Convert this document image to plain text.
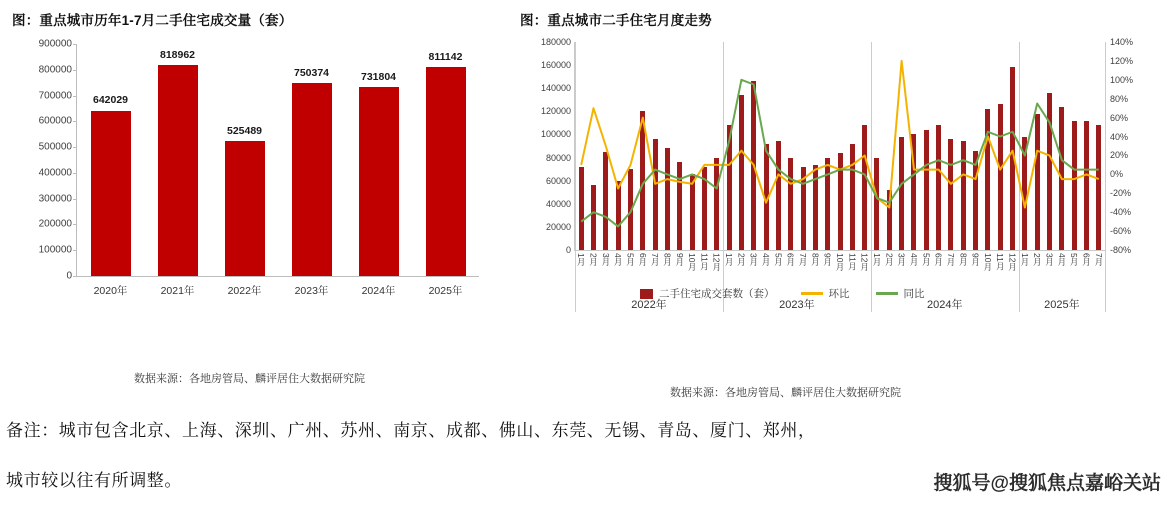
图：重点城市历年1-7月二手住宅成交量（套）
0
100000
200000
300000
400000
500000
600000
700000
800000
900000
642029
2020年
818962
2021年
525489
2022年
750374
2023年
731804
2024年
811142
2025年
数据来源：各地房管局、麟评居住大数据研究院
图：重点城市二手住宅月度走势
0
20000
40000
60000
80000
100000
120000
140000
160000
180000
-80%
-60%
-40%
-20%
0%
20%
40%
60%
80%
100%
120%
140%
1月 2月 3月 4月 5月 6月 7月 8月 9月 10月 11月 12月 1月 2月 3月 4月 5月 6月 7月 8月 9月 10月 11月 12月 1月 2月 3月 4月 5月 6月 7月 8月 9月 10月 11月 12月 1月 2月 3月 4月 5月 6月 7月
2022年	2023年	2024年	2025年
二手住宅成交套数（套）	环比	同比
数据来源：各地房管局、麟评居住大数据研究院
备注：城市包含北京、上海、深圳、广州、苏州、南京、成都、佛山、东莞、无锡、青岛、厦门、郑州，
城市较以往有所调整。	搜狐号@搜狐焦点嘉峪关站
